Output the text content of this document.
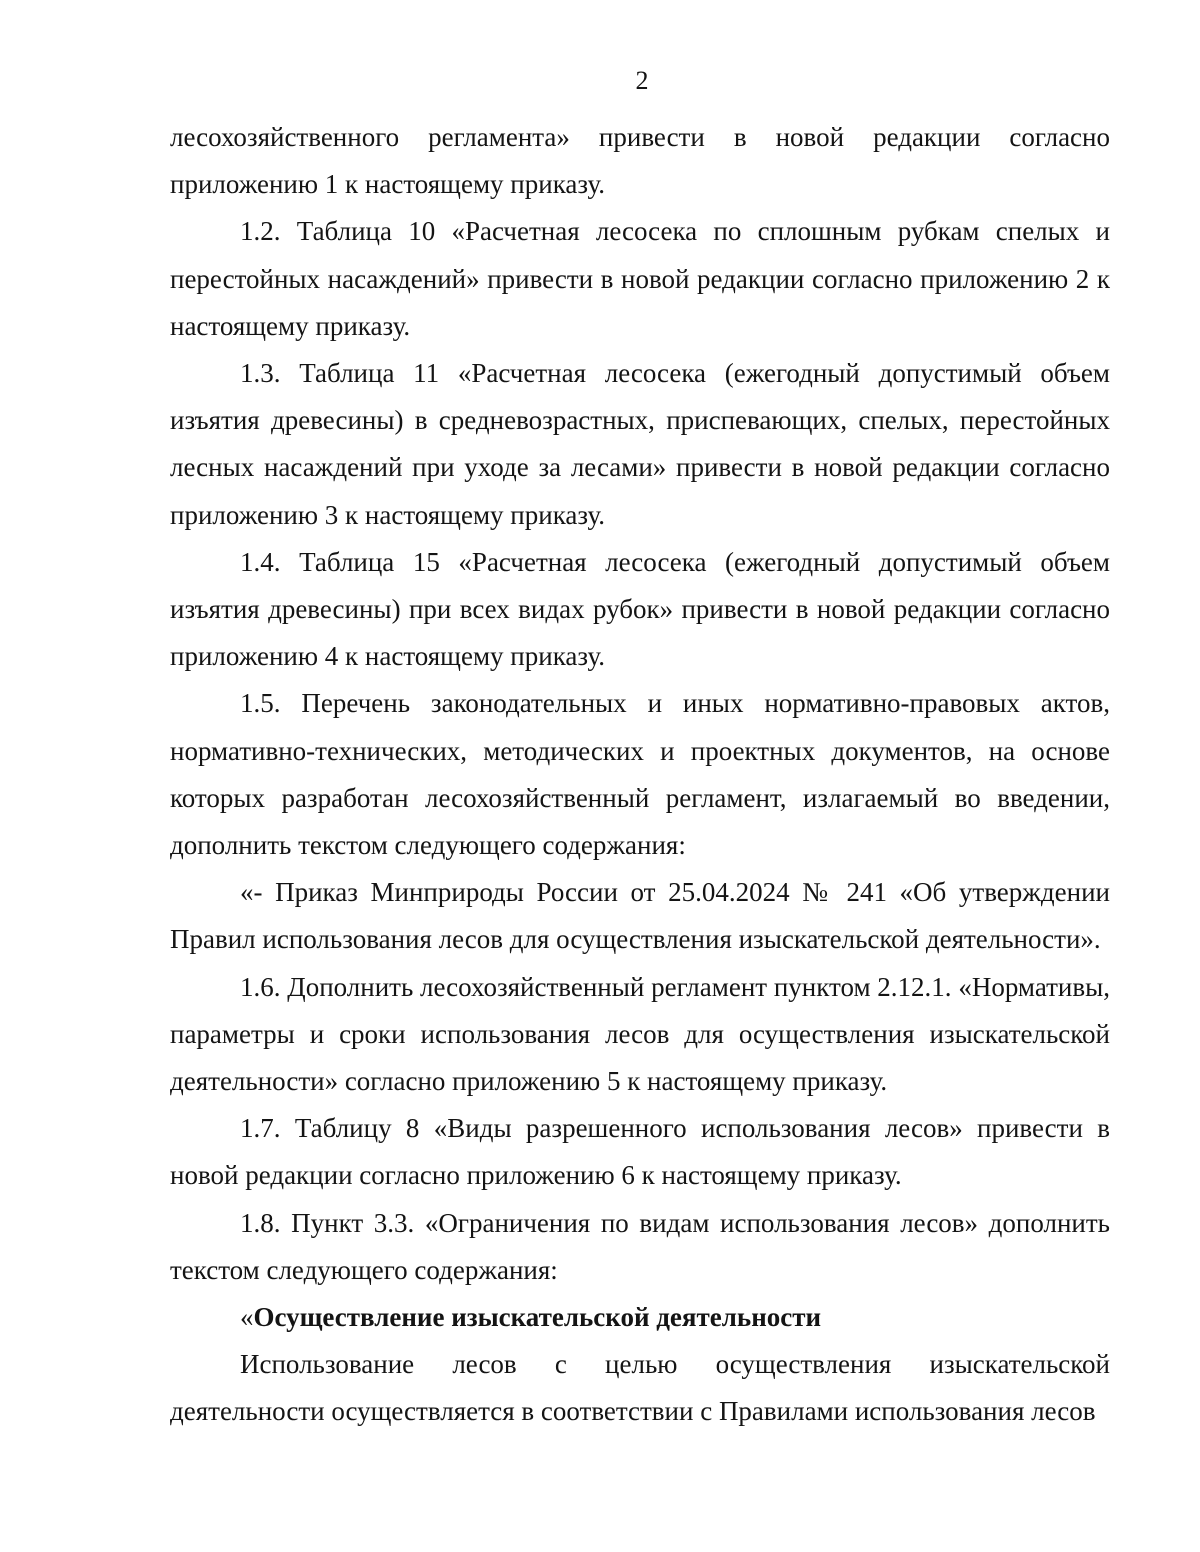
2

лесохозяйственного регламента» привести в новой редакции согласно приложению 1 к настоящему приказу.

1.2. Таблица 10 «Расчетная лесосека по сплошным рубкам спелых и перестойных насаждений» привести в новой редакции согласно приложению 2 к настоящему приказу.

1.3. Таблица 11 «Расчетная лесосека (ежегодный допустимый объем изъятия древесины) в средневозрастных, приспевающих, спелых, перестойных лесных насаждений при уходе за лесами» привести в новой редакции согласно приложению 3 к настоящему приказу.

1.4. Таблица 15 «Расчетная лесосека (ежегодный допустимый объем изъятия древесины) при всех видах рубок» привести в новой редакции согласно приложению 4 к настоящему приказу.

1.5. Перечень законодательных и иных нормативно-правовых актов, нормативно-технических, методических и проектных документов, на основе которых разработан лесохозяйственный регламент, излагаемый во введении, дополнить текстом следующего содержания:

«- Приказ Минприроды России от 25.04.2024 № 241 «Об утверждении Правил использования лесов для осуществления изыскательской деятельности».

1.6. Дополнить лесохозяйственный регламент пунктом 2.12.1. «Нормативы, параметры и сроки использования лесов для осуществления изыскательской деятельности» согласно приложению 5 к настоящему приказу.

1.7. Таблицу 8 «Виды разрешенного использования лесов» привести в новой редакции согласно приложению 6 к настоящему приказу.

1.8. Пункт 3.3. «Ограничения по видам использования лесов» дополнить текстом следующего содержания:

«Осуществление изыскательской деятельности

Использование лесов с целью осуществления изыскательской деятельности осуществляется в соответствии с Правилами использования лесов
